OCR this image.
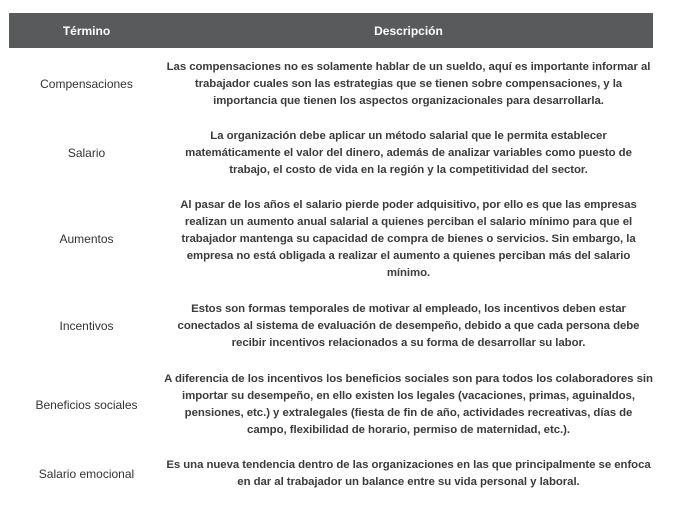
Término	Descripción
Compensaciones
Las compensaciones no es solamente hablar de un sueldo, aquí es importante informar al trabajador cuales son las estrategias que se tienen sobre compensaciones, y la importancia que tienen los aspectos organizacionales para desarrollarla.
Salario
La organización debe aplicar un método salarial que le permita establecer matemáticamente el valor del dinero, además de analizar variables como puesto de trabajo, el costo de vida en la región y la competitividad del sector.
Aumentos
Al pasar de los años el salario pierde poder adquisitivo, por ello es que las empresas realizan un aumento anual salarial a quienes perciban el salario mínimo para que el trabajador mantenga su capacidad de compra de bienes o servicios. Sin embargo, la empresa no está obligada a realizar el aumento a quienes perciban más del salario mínimo.
Incentivos
Estos son formas temporales de motivar al empleado, los incentivos deben estar conectados al sistema de evaluación de desempeño, debido a que cada persona debe recibir incentivos relacionados a su forma de desarrollar su labor.
Beneficios sociales
A diferencia de los incentivos los beneficios sociales son para todos los colaboradores sin importar su desempeño, en ello existen los legales (vacaciones, primas, aguinaldos, pensiones, etc.) y extralegales (fiesta de fin de año, actividades recreativas, días de campo, flexibilidad de horario, permiso de maternidad, etc.).
Salario emocional
Es una nueva tendencia dentro de las organizaciones en las que principalmente se enfoca en dar al trabajador un balance entre su vida personal y laboral.
